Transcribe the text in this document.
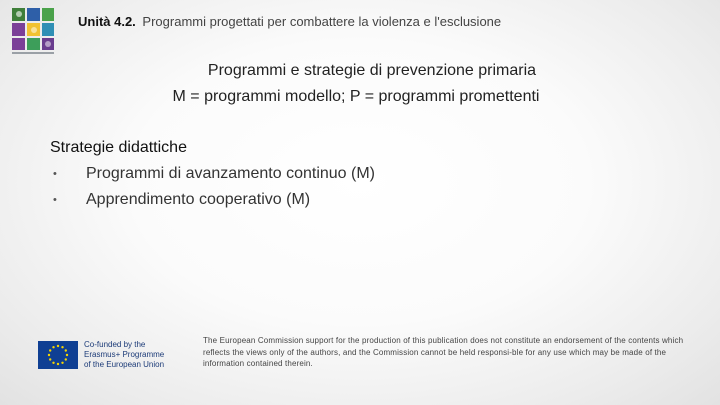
Unità 4.2. Programmi progettati per combattere la violenza e l'esclusione
Programmi e strategie di prevenzione primaria
M = programmi modello; P = programmi promettenti
Strategie didattiche
• Programmi di avanzamento continuo (M)
• Apprendimento cooperativo (M)
Co-funded by the
Erasmus+ Programme
of the European Union
The European Commission support for the production of this publication does not constitute an endorsement of the contents which reflects the views only of the authors, and the Commission cannot be held responsi-ble for any use which may be made of the information contained therein.
